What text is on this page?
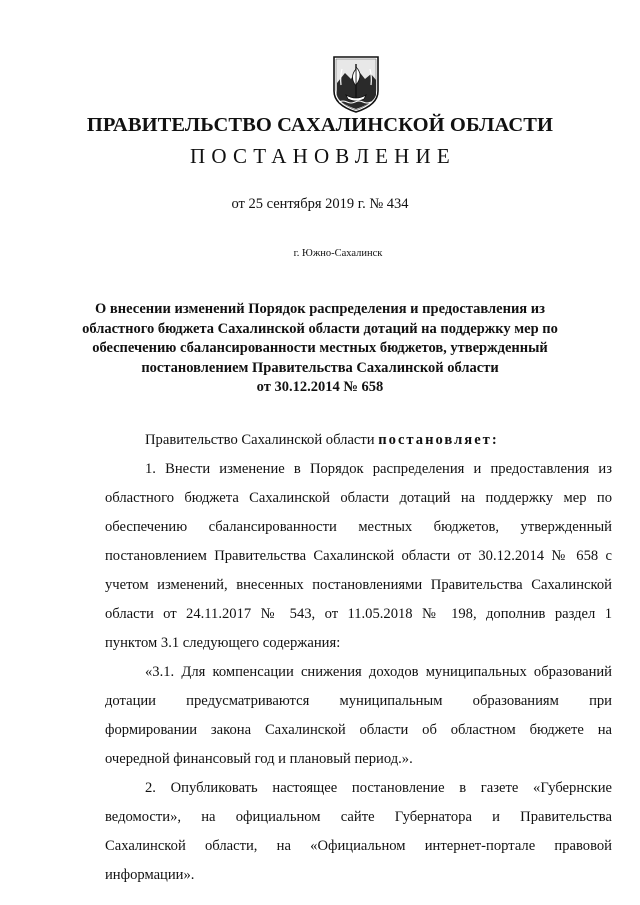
ПРАВИТЕЛЬСТВО САХАЛИНСКОЙ ОБЛАСТИ
ПОСТАНОВЛЕНИЕ
от 25 сентября 2019 г. № 434
г. Южно-Сахалинск
О внесении изменений Порядок распределения и предоставления из
областного бюджета Сахалинской области дотаций на поддержку мер по
обеспечению сбалансированности местных бюджетов, утвержденный
постановлением Правительства Сахалинской области
от 30.12.2014 № 658
Правительство Сахалинской области постановляет:
1. Внести изменение в Порядок распределения и предоставления из
областного бюджета Сахалинской области дотаций на поддержку мер по
обеспечению сбалансированности местных бюджетов, утвержденный
постановлением Правительства Сахалинской области от 30.12.2014 № 658 с
учетом изменений, внесенных постановлениями Правительства Сахалинской
области от 24.11.2017 № 543, от 11.05.2018 № 198, дополнив раздел 1
пунктом 3.1 следующего содержания:
«3.1. Для компенсации снижения доходов муниципальных образований
дотации предусматриваются муниципальным образованиям при
формировании закона Сахалинской области об областном бюджете на
очередной финансовый год и плановый период.».
2. Опубликовать настоящее постановление в газете «Губернские
ведомости», на официальном сайте Губернатора и Правительства
Сахалинской области, на «Официальном интернет-портале правовой
информации».
